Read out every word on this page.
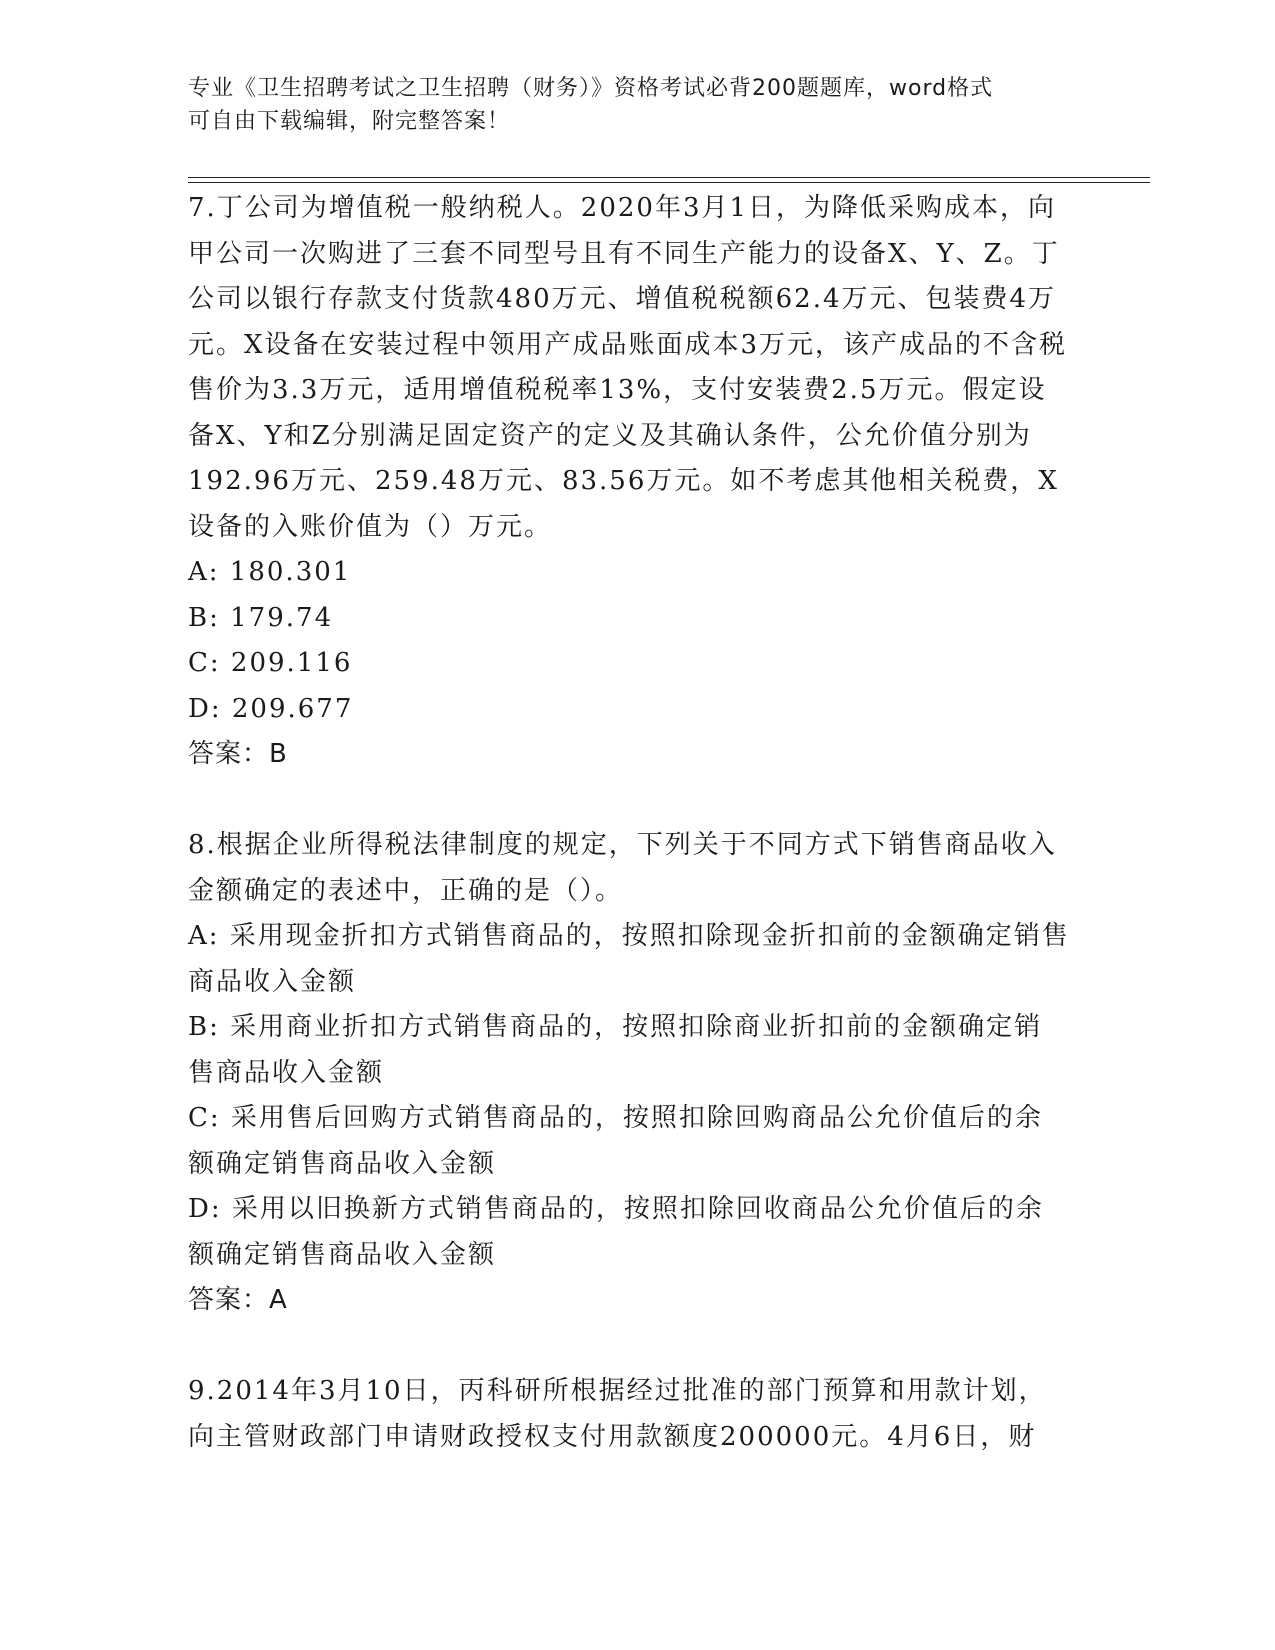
专业《卫生招聘考试之卫生招聘（财务）》资格考试必背200题题库，word格式

可自由下载编辑，附完整答案！

7.丁公司为增值税一般纳税人。2020年3月1日，为降低采购成本，向甲公司一次购进了三套不同型号且有不同生产能力的设备X、Y、Z。丁公司以银行存款支付货款480万元、增值税税额62.4万元、包装费4万元。X设备在安装过程中领用产成品账面成本3万元，该产成品的不含税售价为3.3万元，适用增值税税率13%，支付安装费2.5万元。假定设备X、Y和Z分别满足固定资产的定义及其确认条件，公允价值分别为192.96万元、259.48万元、83.56万元。如不考虑其他相关税费，X设备的入账价值为（）万元。

A: 180.301
B: 179.74
C: 209.116
D: 209.677

答案：B

8.根据企业所得税法律制度的规定，下列关于不同方式下销售商品收入金额确定的表述中，正确的是（）。

A: 采用现金折扣方式销售商品的，按照扣除现金折扣前的金额确定销售商品收入金额
B: 采用商业折扣方式销售商品的，按照扣除商业折扣前的金额确定销售商品收入金额
C: 采用售后回购方式销售商品的，按照扣除回购商品公允价值后的余额确定销售商品收入金额
D: 采用以旧换新方式销售商品的，按照扣除回收商品公允价值后的余额确定销售商品收入金额

答案：A

9.2014年3月10日，丙科研所根据经过批准的部门预算和用款计划，向主管财政部门申请财政授权支付用款额度200000元。4月6日，财
